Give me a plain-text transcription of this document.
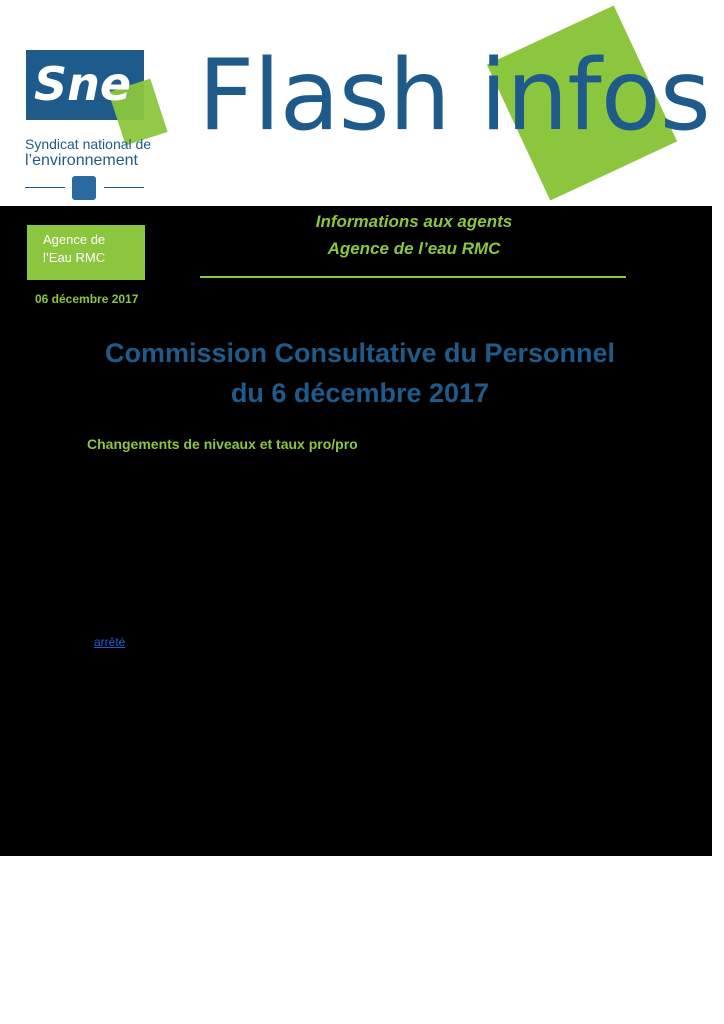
Sne
Syndicat national de
l’environnement
Flash infos
Agence de
l’Eau RMC
Informations aux agents
Agence de l’eau RMC
06 décembre 2017
Commission Consultative du Personnel
du 6 décembre 2017
Changements de niveaux et taux pro/pro
arrêté
